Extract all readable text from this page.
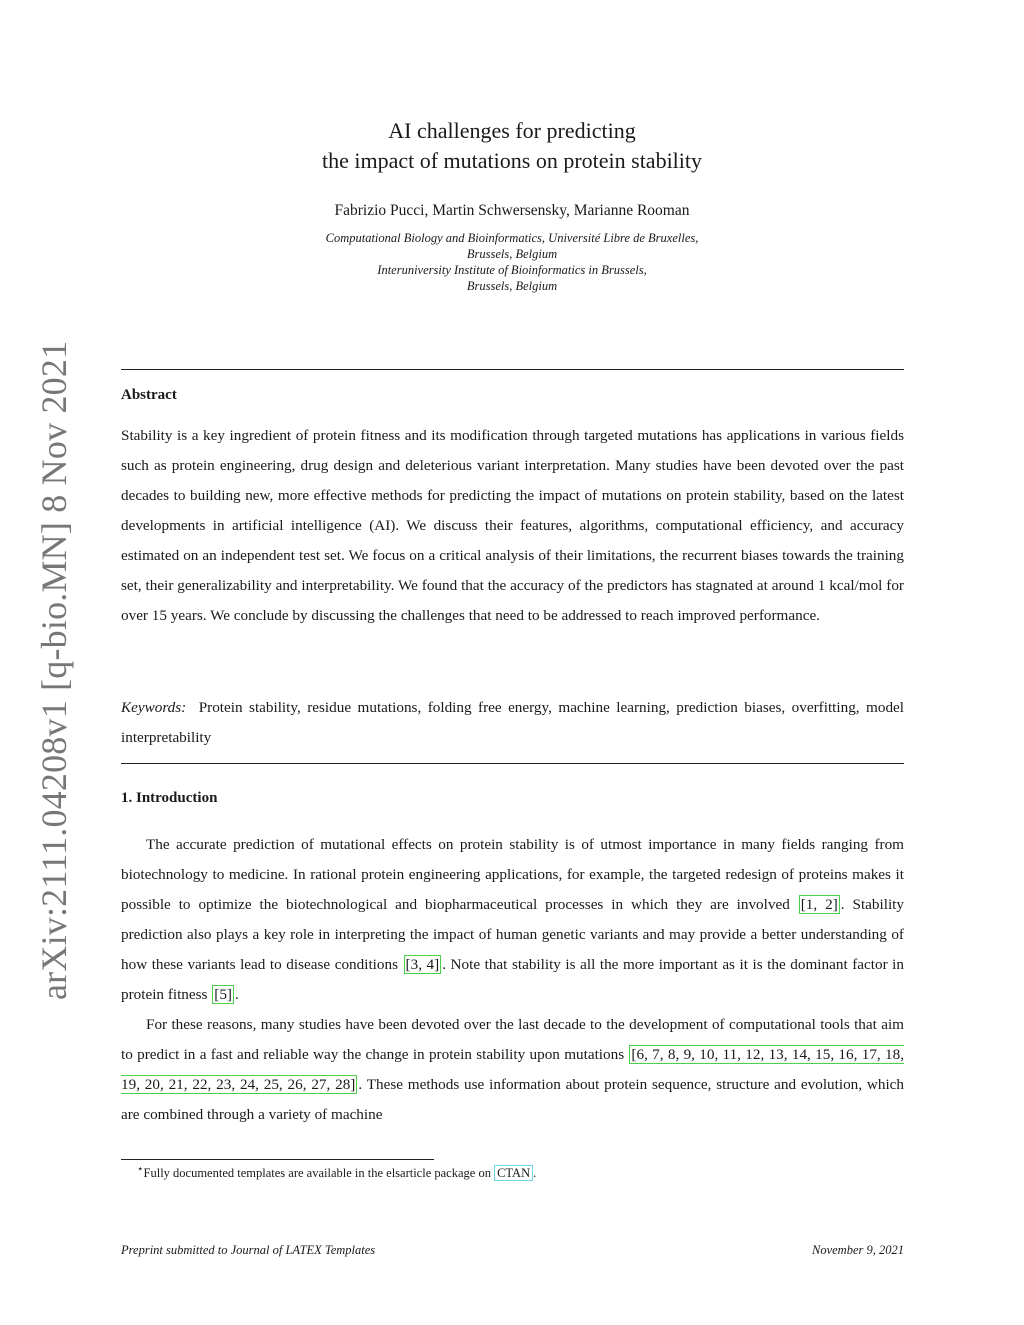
arXiv:2111.04208v1 [q-bio.MN] 8 Nov 2021
AI challenges for predicting
the impact of mutations on protein stability
Fabrizio Pucci, Martin Schwersensky, Marianne Rooman
Computational Biology and Bioinformatics, Université Libre de Bruxelles,
Brussels, Belgium
Interuniversity Institute of Bioinformatics in Brussels,
Brussels, Belgium
Abstract
Stability is a key ingredient of protein fitness and its modification through targeted mutations has applications in various fields such as protein engineering, drug design and deleterious variant interpretation. Many studies have been devoted over the past decades to building new, more effective methods for predicting the impact of mutations on protein stability, based on the latest developments in artificial intelligence (AI). We discuss their features, algorithms, computational efficiency, and accuracy estimated on an independent test set. We focus on a critical analysis of their limitations, the recurrent biases towards the training set, their generalizability and interpretability. We found that the accuracy of the predictors has stagnated at around 1 kcal/mol for over 15 years. We conclude by discussing the challenges that need to be addressed to reach improved performance.
Keywords: Protein stability, residue mutations, folding free energy, machine learning, prediction biases, overfitting, model interpretability
1. Introduction
The accurate prediction of mutational effects on protein stability is of utmost importance in many fields ranging from biotechnology to medicine. In rational protein engineering applications, for example, the targeted redesign of proteins makes it possible to optimize the biotechnological and biopharmaceutical processes in which they are involved [1, 2] . Stability prediction also plays a key role in interpreting the impact of human genetic variants and may provide a better understanding of how these variants lead to disease conditions [3, 4] . Note that stability is all the more important as it is the dominant factor in protein fitness [5] .
For these reasons, many studies have been devoted over the last decade to the development of computational tools that aim to predict in a fast and reliable way the change in protein stability upon mutations [6, 7, 8, 9, 10, 11, 12, 13, 14, 15, 16, 17, 18, 19, 20, 21, 22, 23, 24, 25, 26, 27, 28] . These methods use information about protein sequence, structure and evolution, which are combined through a variety of machine
⋆Fully documented templates are available in the elsarticle package on CTAN .
Preprint submitted to Journal of LATEX Templates	November 9, 2021
